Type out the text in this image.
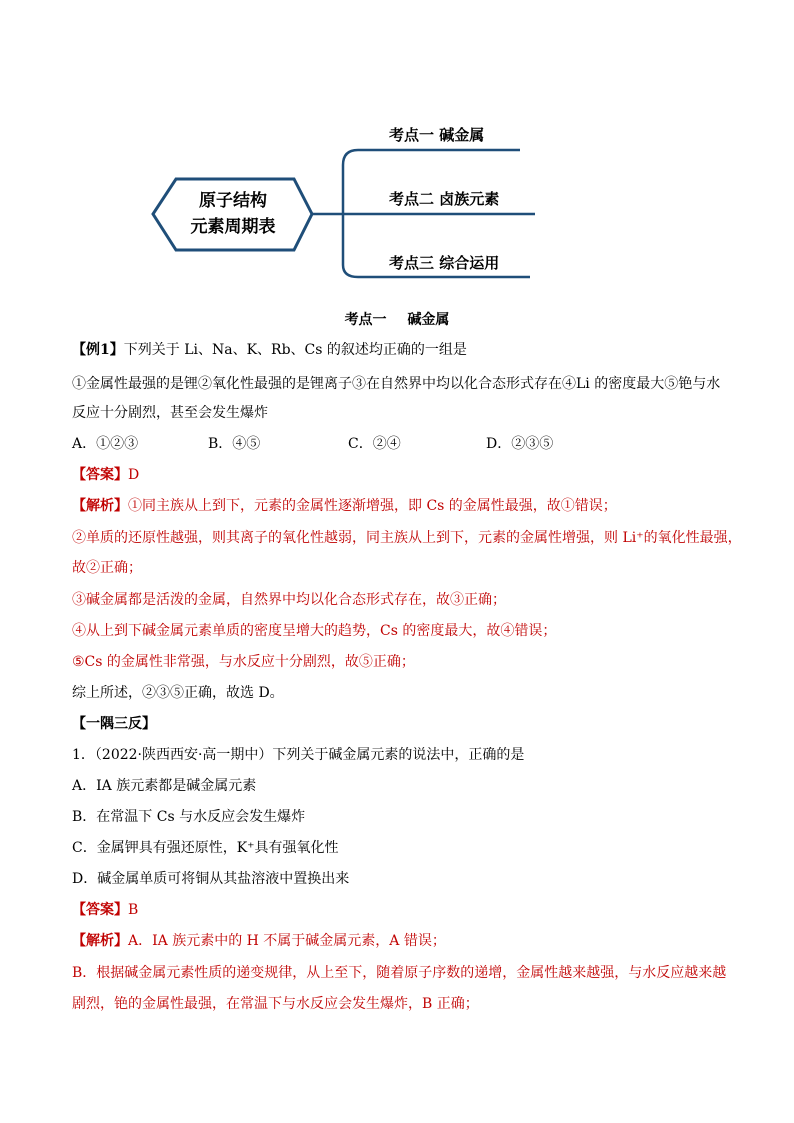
原子结构
元素周期表
考点一 碱金属
考点二 卤族元素
考点三 综合运用
考点一 碱金属
【例1】下列关于 Li、Na、K、Rb、Cs 的叙述均正确的一组是
①金属性最强的是锂②氧化性最强的是锂离子③在自然界中均以化合态形式存在④Li 的密度最大⑤铯与水
反应十分剧烈，甚至会发生爆炸
A．①②③	B．④⑤	C．②④	D．②③⑤
【答案】D
【解析】①同主族从上到下，元素的金属性逐渐增强，即 Cs 的金属性最强，故①错误；
②单质的还原性越强，则其离子的氧化性越弱，同主族从上到下，元素的金属性增强，则 Li⁺的氧化性最强，
故②正确；
③碱金属都是活泼的金属，自然界中均以化合态形式存在，故③正确；
④从上到下碱金属元素单质的密度呈增大的趋势，Cs 的密度最大，故④错误；
⑤Cs 的金属性非常强，与水反应十分剧烈，故⑤正确；
综上所述，②③⑤正确，故选 D。
【一隅三反】
1．（2022·陕西西安·高一期中）下列关于碱金属元素的说法中，正确的是
A．IA 族元素都是碱金属元素
B．在常温下 Cs 与水反应会发生爆炸
C．金属钾具有强还原性，K⁺具有强氧化性
D．碱金属单质可将铜从其盐溶液中置换出来
【答案】B
【解析】A．IA 族元素中的 H 不属于碱金属元素，A 错误；
B．根据碱金属元素性质的递变规律，从上至下，随着原子序数的递增，金属性越来越强，与水反应越来越
剧烈，铯的金属性最强，在常温下与水反应会发生爆炸，B 正确；
